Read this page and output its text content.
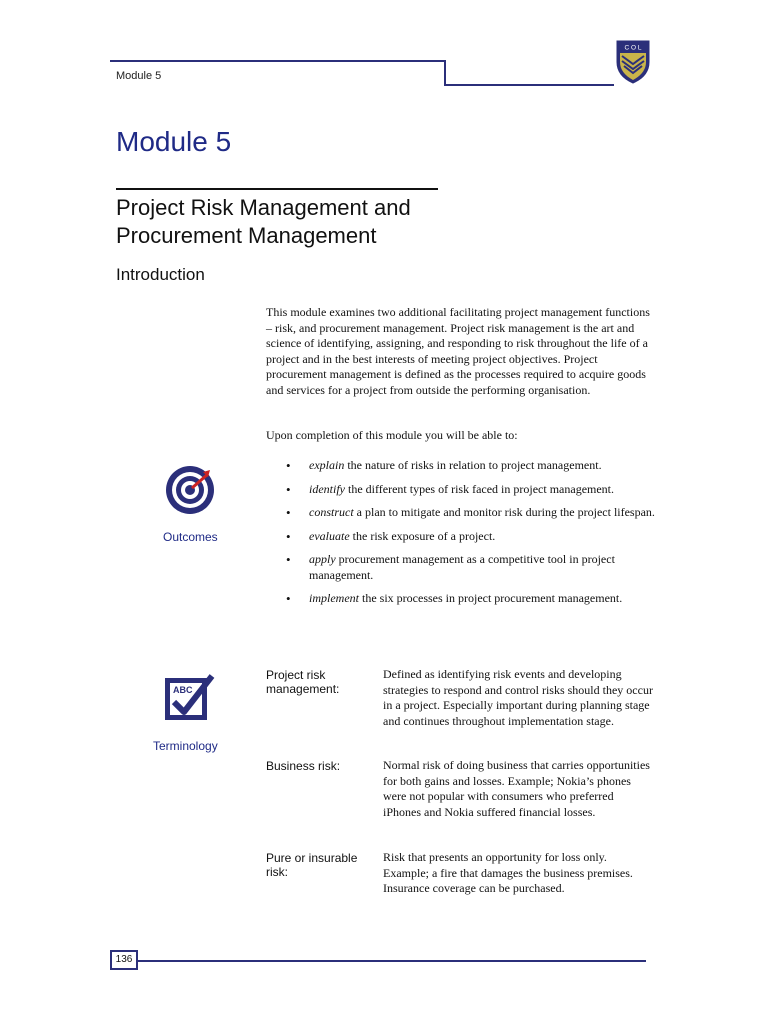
Module 5
C O L
Module 5
Project Risk Management and
Procurement Management
Introduction

This module examines two additional facilitating project management functions – risk, and procurement management. Project risk management is the art and science of identifying, assigning, and responding to risk throughout the life of a project and in the best interests of meeting project objectives. Project procurement management is defined as the processes required to acquire goods and services for a project from outside the performing organisation.

Upon completion of this module you will be able to:

• explain the nature of risks in relation to project management.
• identify the different types of risk faced in project management.
• construct a plan to mitigate and monitor risk during the project lifespan.
• evaluate the risk exposure of a project.
• apply procurement management as a competitive tool in project management.
• implement the six processes in project procurement management.
Outcomes
ABC
Terminology
Project risk management:

Defined as identifying risk events and developing strategies to respond and control risks should they occur in a project. Especially important during planning stage and continues throughout implementation stage.

Business risk:	Normal risk of doing business that carries opportunities for both gains and losses. Example; Nokia’s phones were not popular with consumers who preferred iPhones and Nokia suffered financial losses.

Pure or insurable risk:

Risk that presents an opportunity for loss only. Example; a fire that damages the business premises. Insurance coverage can be purchased.

136
